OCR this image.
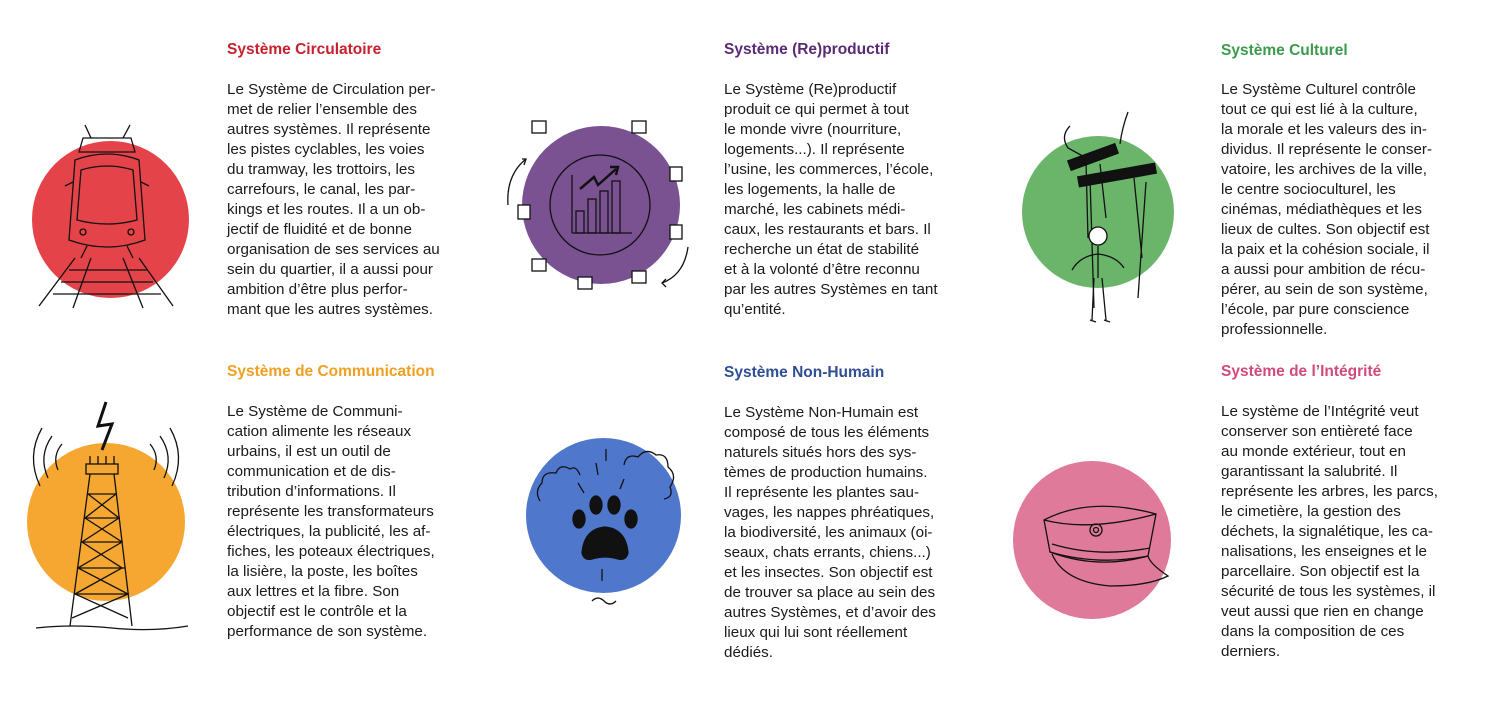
Système Circulatoire
Le Système de Circulation per-
met de relier l’ensemble des
autres systèmes. Il représente
les pistes cyclables, les voies
du tramway, les trottoirs, les
carrefours, le canal, les par-
kings et les routes. Il a un ob-
jectif de fluidité et de bonne
organisation de ses services au
sein du quartier, il a aussi pour
ambition d’être plus perfor-
mant que les autres systèmes.
Système (Re)productif
Le Système (Re)productif
produit ce qui permet à tout
le monde vivre (nourriture,
logements...). Il représente
l’usine, les commerces, l’école,
les logements, la halle de
marché, les cabinets médi-
caux, les restaurants et bars. Il
recherche un état de stabilité
et à la volonté d’être reconnu
par les autres Systèmes en tant
qu’entité.
Système Culturel
Le Système Culturel contrôle
tout ce qui est lié à la culture,
la morale et les valeurs des in-
dividus. Il représente le conser-
vatoire, les archives de la ville,
le centre socioculturel, les
cinémas, médiathèques et les
lieux de cultes. Son objectif est
la paix et la cohésion sociale, il
a aussi pour ambition de récu-
pérer, au sein de son système,
l’école, par pure conscience
professionnelle.
Système de Communication
Le Système de Communi-
cation alimente les réseaux
urbains, il est un outil de
communication et de dis-
tribution d’informations. Il
représente les transformateurs
électriques, la publicité, les af-
fiches, les poteaux électriques,
la lisière, la poste, les boîtes
aux lettres et la fibre. Son
objectif est le contrôle et la
performance de son système.
Système Non-Humain
Le Système Non-Humain est
composé de tous les éléments
naturels situés hors des sys-
tèmes de production humains.
Il représente les plantes sau-
vages, les nappes phréatiques,
la biodiversité, les animaux (oi-
seaux, chats errants, chiens...)
et les insectes. Son objectif est
de trouver sa place au sein des
autres Systèmes, et d’avoir des
lieux qui lui sont réellement
dédiés.
Système de l’Intégrité
Le système de l’Intégrité veut
conserver son entièreté face
au monde extérieur, tout en
garantissant la salubrité. Il
représente les arbres, les parcs,
le cimetière, la gestion des
déchets, la signalétique, les ca-
nalisations, les enseignes et le
parcellaire. Son objectif est la
sécurité de tous les systèmes, il
veut aussi que rien en change
dans la composition de ces
derniers.
